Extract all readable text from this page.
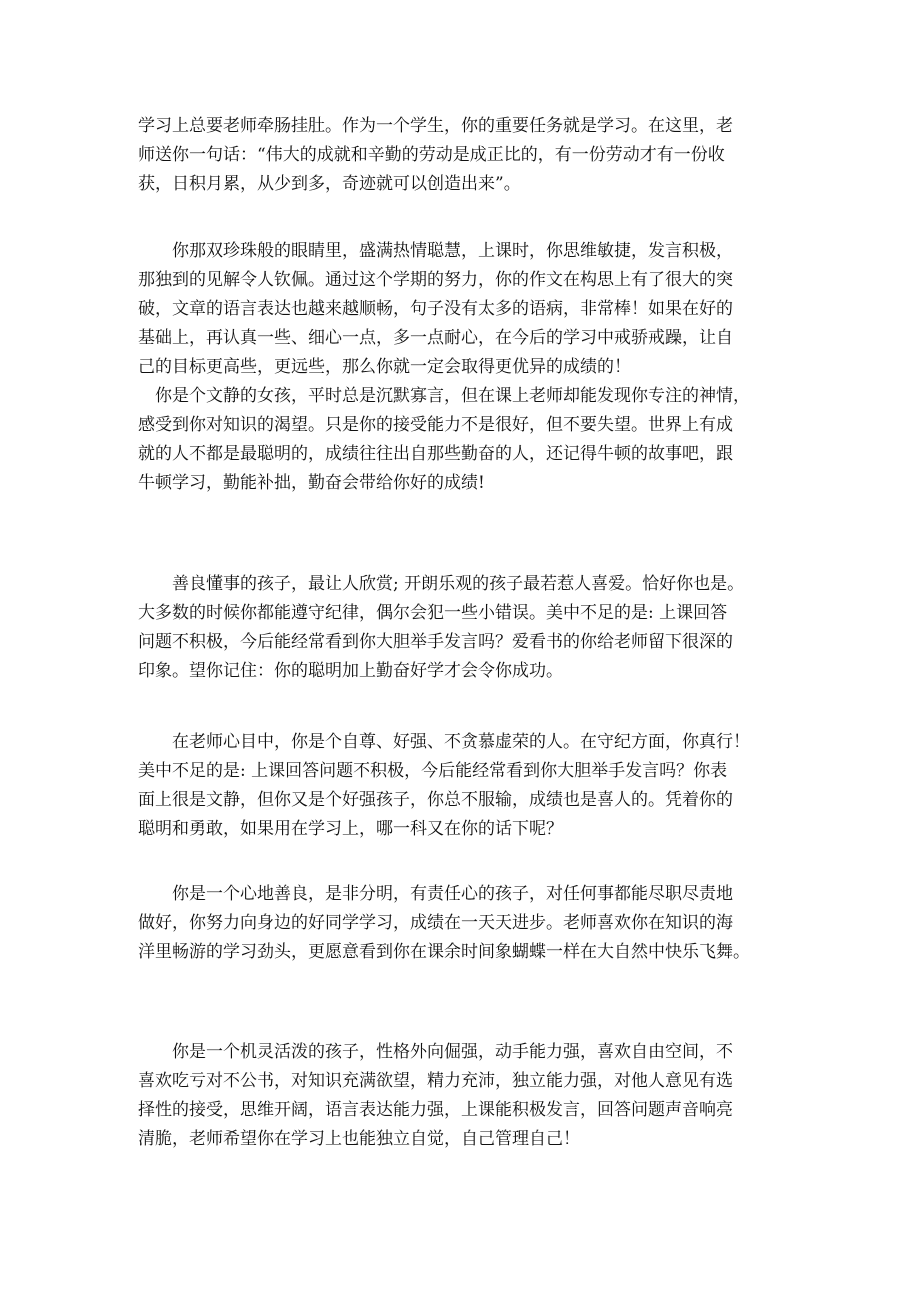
学习上总要老师牵肠挂肚。作为一个学生，你的重要任务就是学习。在这里，老
师送你一句话：“伟大的成就和辛勤的劳动是成正比的，有一份劳动才有一份收
获，日积月累，从少到多，奇迹就可以创造出来”。
　　你那双珍珠般的眼睛里，盛满热情聪慧，上课时，你思维敏捷，发言积极，
那独到的见解令人钦佩。通过这个学期的努力，你的作文在构思上有了很大的突
破，文章的语言表达也越来越顺畅，句子没有太多的语病，非常棒！如果在好的
基础上，再认真一些、细心一点，多一点耐心，在今后的学习中戒骄戒躁，让自
己的目标更高些，更远些，那么你就一定会取得更优异的成绩的！
　你是个文静的女孩，平时总是沉默寡言，但在课上老师却能发现你专注的神情，
感受到你对知识的渴望。只是你的接受能力不是很好，但不要失望。世界上有成
就的人不都是最聪明的，成绩往往出自那些勤奋的人，还记得牛顿的故事吧，跟
牛顿学习，勤能补拙，勤奋会带给你好的成绩!
　　善良懂事的孩子，最让人欣赏; 开朗乐观的孩子最若惹人喜爱。恰好你也是。
大多数的时候你都能遵守纪律，偶尔会犯一些小错误。美中不足的是: 上课回答
问题不积极，今后能经常看到你大胆举手发言吗？爱看书的你给老师留下很深的
印象。望你记住：你的聪明加上勤奋好学才会令你成功。
　　在老师心目中，你是个自尊、好强、不贪慕虚荣的人。在守纪方面，你真行！
美中不足的是: 上课回答问题不积极，今后能经常看到你大胆举手发言吗？你表
面上很是文静，但你又是个好强孩子，你总不服输，成绩也是喜人的。凭着你的
聪明和勇敢，如果用在学习上，哪一科又在你的话下呢？
　　你是一个心地善良，是非分明，有责任心的孩子，对任何事都能尽职尽责地
做好，你努力向身边的好同学学习，成绩在一天天进步。老师喜欢你在知识的海
洋里畅游的学习劲头，更愿意看到你在课余时间象蝴蝶一样在大自然中快乐飞舞。
　　你是一个机灵活泼的孩子，性格外向倔强，动手能力强，喜欢自由空间，不
喜欢吃亏对不公书，对知识充满欲望，精力充沛，独立能力强，对他人意见有选
择性的接受，思维开阔，语言表达能力强，上课能积极发言，回答问题声音响亮
清脆，老师希望你在学习上也能独立自觉，自己管理自己！
